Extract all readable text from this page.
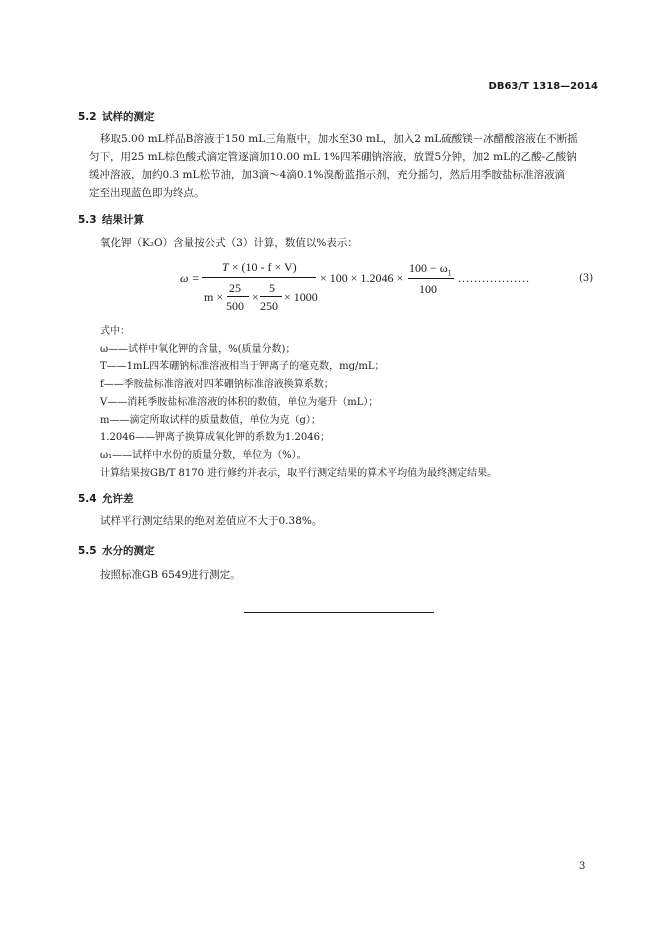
DB63/T 1318—2014
5.2 试样的测定
移取5.00 mL样品B溶液于150 mL三角瓶中，加水至30 mL，加入2 mL硫酸镁－冰醋酸溶液在不断摇
匀下，用25 mL棕色酸式滴定管逐滴加10.00 mL 1%四苯硼钠溶液，放置5分钟，加2 mL的乙酸-乙酸钠
缓冲溶液，加约0.3 mL松节油，加3滴～4滴0.1%溴酚蓝指示剂，充分摇匀，然后用季胺盐标准溶液滴
定至出现蓝色即为终点。
5.3 结果计算
氧化钾（K₂O）含量按公式（3）计算，数值以%表示：
ω =
T × (10 - f × V)
m ×
25
500
×
5
250
× 1000
× 100 × 1.2046 ×
$100 - \omega_1$
100
..................	(3)
式中：
ω——试样中氧化钾的含量，%(质量分数)；
T——1mL四苯硼钠标准溶液相当于钾离子的毫克数，mg/mL；
f——季胺盐标准溶液对四苯硼钠标准溶液换算系数；
V——消耗季胺盐标准溶液的体积的数值，单位为毫升（mL）；
m——滴定所取试样的质量数值，单位为克（g）；
1.2046——钾离子换算成氧化钾的系数为1.2046；
ω₁——试样中水份的质量分数，单位为（%）。
计算结果按GB/T 8170 进行修约并表示，取平行测定结果的算术平均值为最终测定结果。
5.4 允许差
试样平行测定结果的绝对差值应不大于0.38%。
5.5 水分的测定
按照标准GB 6549进行测定。
3
